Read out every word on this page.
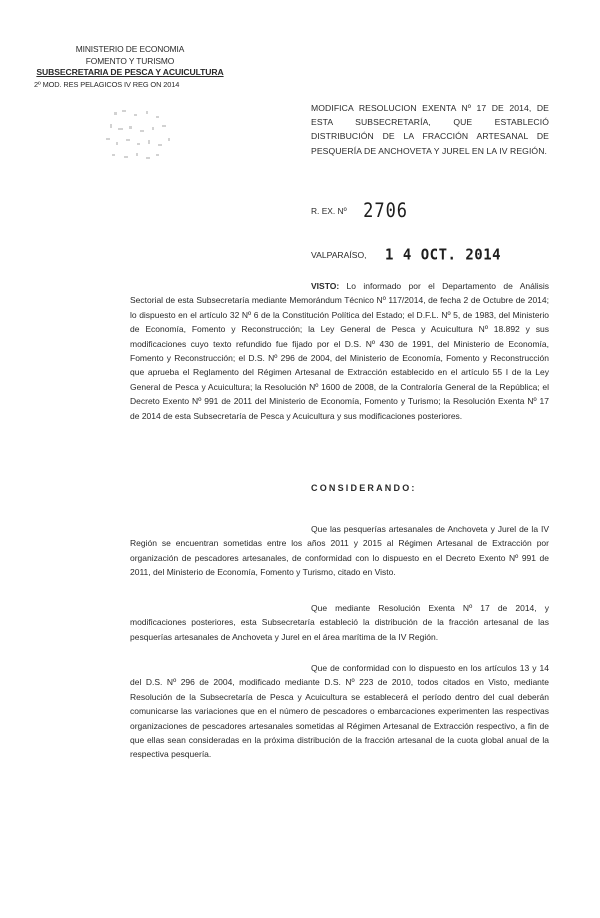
MINISTERIO DE ECONOMIA
FOMENTO Y TURISMO
SUBSECRETARIA DE PESCA Y ACUICULTURA
2º MOD. RES PELAGICOS IV REG ON 2014
MODIFICA RESOLUCION EXENTA Nº 17 DE 2014, DE ESTA SUBSECRETARÍA, QUE ESTABLECIÓ DISTRIBUCIÓN DE LA FRACCIÓN ARTESANAL DE PESQUERÍA DE ANCHOVETA Y JUREL EN LA IV REGIÓN.
R. EX. Nº 2706
VALPARAÍSO, 1 4 OCT. 2014
VISTO: Lo informado por el Departamento de Análisis Sectorial de esta Subsecretaría mediante Memorándum Técnico Nº 117/2014, de fecha 2 de Octubre de 2014; lo dispuesto en el artículo 32 Nº 6 de la Constitución Política del Estado; el D.F.L. Nº 5, de 1983, del Ministerio de Economía, Fomento y Reconstrucción; la Ley General de Pesca y Acuicultura Nº 18.892 y sus modificaciones cuyo texto refundido fue fijado por el D.S. Nº 430 de 1991, del Ministerio de Economía, Fomento y Reconstrucción; el D.S. Nº 296 de 2004, del Ministerio de Economía, Fomento y Reconstrucción que aprueba el Reglamento del Régimen Artesanal de Extracción establecido en el artículo 55 I de la Ley General de Pesca y Acuicultura; la Resolución Nº 1600 de 2008, de la Contraloría General de la República; el Decreto Exento Nº 991 de 2011 del Ministerio de Economía, Fomento y Turismo; la Resolución Exenta Nº 17 de 2014 de esta Subsecretaría de Pesca y Acuicultura y sus modificaciones posteriores.
CONSIDERANDO:
Que las pesquerías artesanales de Anchoveta y Jurel de la IV Región se encuentran sometidas entre los años 2011 y 2015 al Régimen Artesanal de Extracción por organización de pescadores artesanales, de conformidad con lo dispuesto en el Decreto Exento Nº 991 de 2011, del Ministerio de Economía, Fomento y Turismo, citado en Visto.
Que mediante Resolución Exenta Nº 17 de 2014, y modificaciones posteriores, esta Subsecretaría estableció la distribución de la fracción artesanal de las pesquerías artesanales de Anchoveta y Jurel en el área marítima de la IV Región.
Que de conformidad con lo dispuesto en los artículos 13 y 14 del D.S. Nº 296 de 2004, modificado mediante D.S. Nº 223 de 2010, todos citados en Visto, mediante Resolución de la Subsecretaría de Pesca y Acuicultura se establecerá el período dentro del cual deberán comunicarse las variaciones que en el número de pescadores o embarcaciones experimenten las respectivas organizaciones de pescadores artesanales sometidas al Régimen Artesanal de Extracción respectivo, a fin de que ellas sean consideradas en la próxima distribución de la fracción artesanal de la cuota global anual de la respectiva pesquería.
